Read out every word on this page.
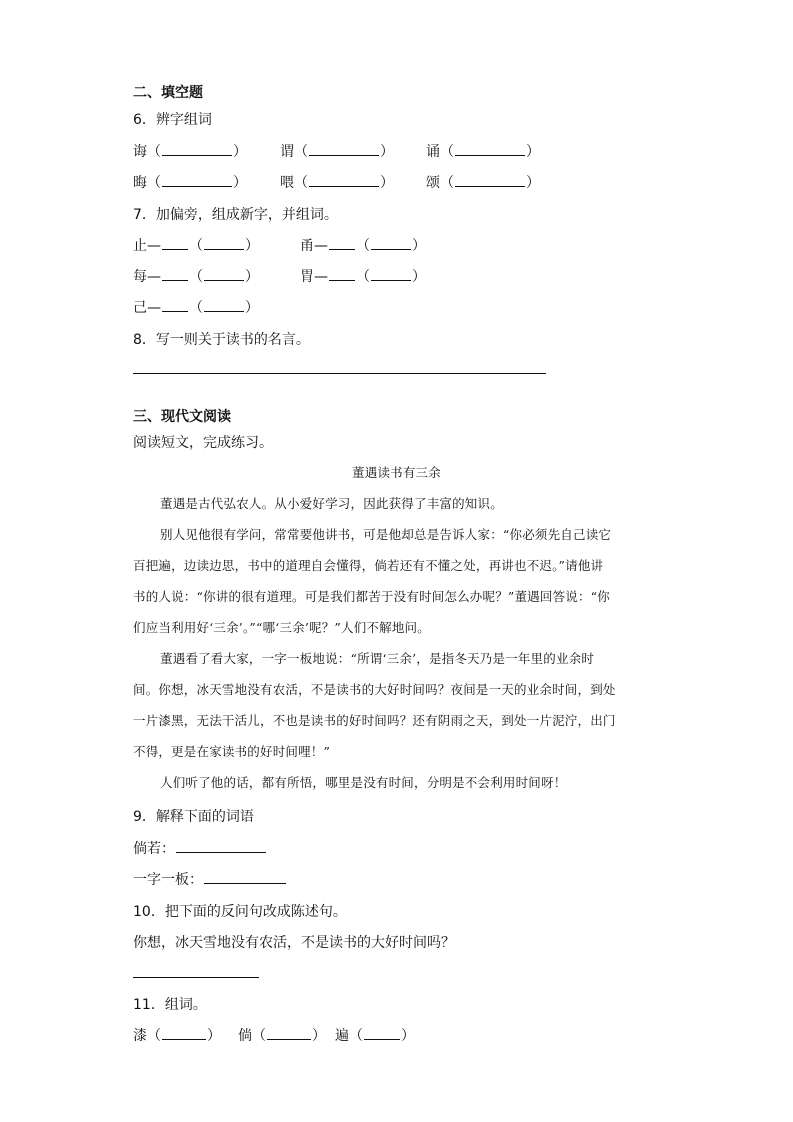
二、填空题
6．辨字组词
诲（	） 谓（	） 诵（	）
晦（	） 喂（	） 颂（	）
7．加偏旁，组成新字，并组词。
止— （	）	甬— （	）
每— （	）	胃— （	）
己— （	）
8．写一则关于读书的名言。
三、现代文阅读
阅读短文，完成练习。
董遇读书有三余
董遇是古代弘农人。从小爱好学习，因此获得了丰富的知识。
别人见他很有学问，常常要他讲书，可是他却总是告诉人家：“你必须先自己读它
百把遍，边读边思，书中的道理自会懂得，倘若还有不懂之处，再讲也不迟。”请他讲
书的人说：“你讲的很有道理。可是我们都苦于没有时间怎么办呢？”董遇回答说：“你
们应当利用好‘三余’。”“哪‘三余’呢？”人们不解地问。
董遇看了看大家，一字一板地说：“所谓‘三余’，是指冬天乃是一年里的业余时
间。你想，冰天雪地没有农活，不是读书的大好时间吗？夜间是一天的业余时间，到处
一片漆黑，无法干活儿，不也是读书的好时间吗？还有阴雨之天，到处一片泥泞，出门
不得，更是在家读书的好时间哩！”
人们听了他的话，都有所悟，哪里是没有时间，分明是不会利用时间呀！
9．解释下面的词语
倘若：
一字一板：
10．把下面的反问句改成陈述句。
你想，冰天雪地没有农活，不是读书的大好时间吗？
11．组词。
漆（	） 倘（	） 遍（	）
